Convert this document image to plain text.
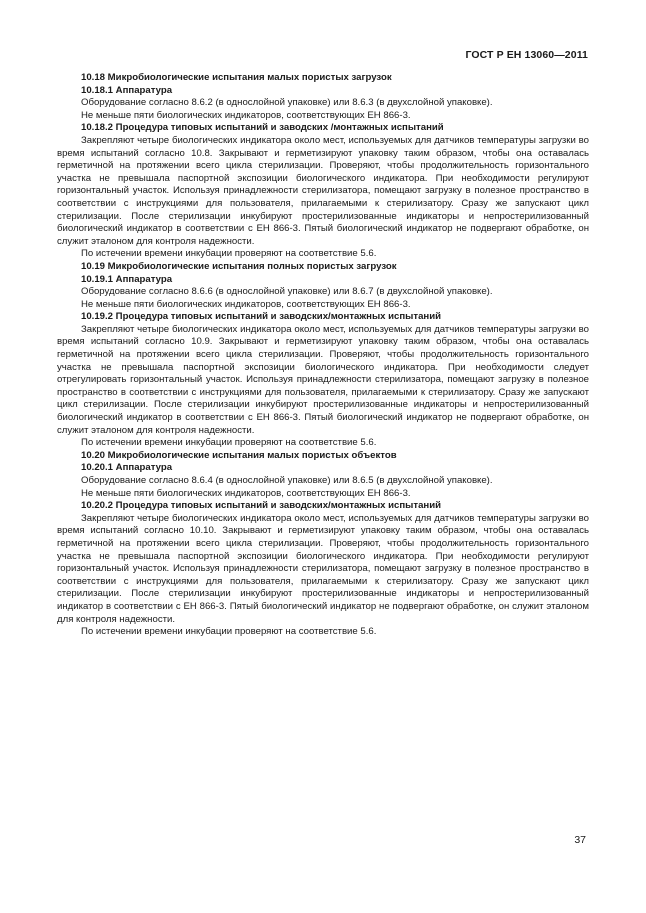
ГОСТ Р ЕН 13060—2011

10.18 Микробиологические испытания малых пористых загрузок

10.18.1 Аппаратура

Оборудование согласно 8.6.2 (в однослойной упаковке) или 8.6.3 (в двухслойной упаковке).

Не меньше пяти биологических индикаторов, соответствующих ЕН 866-3.

10.18.2 Процедура типовых испытаний и заводских /монтажных испытаний

Закрепляют четыре биологических индикатора около мест, используемых для датчиков температуры загрузки во время испытаний согласно 10.8. Закрывают и герметизируют упаковку таким образом, чтобы она оставалась герметичной на протяжении всего цикла стерилизации. Проверяют, чтобы продолжительность горизонтального участка не превышала паспортной экспозиции биологического индикатора. При необходимости регулируют горизонтальный участок. Используя принадлежности стерилизатора, помещают загрузку в полезное пространство в соответствии с инструкциями для пользователя, прилагаемыми к стерилизатору. Сразу же запускают цикл стерилизации. После стерилизации инкубируют простерилизованные индикаторы и непростерилизованный биологический индикатор в соответствии с ЕН 866-3. Пятый биологический индикатор не подвергают обработке, он служит эталоном для контроля надежности.

По истечении времени инкубации проверяют на соответствие 5.6.

10.19 Микробиологические испытания полных пористых загрузок

10.19.1 Аппаратура

Оборудование согласно 8.6.6 (в однослойной упаковке) или 8.6.7 (в двухслойной упаковке).

Не меньше пяти биологических индикаторов, соответствующих ЕН 866-3.

10.19.2 Процедура типовых испытаний и заводских/монтажных испытаний

Закрепляют четыре биологических индикатора около мест, используемых для датчиков температуры загрузки во время испытаний согласно 10.9. Закрывают и герметизируют упаковку таким образом, чтобы она оставалась герметичной на протяжении всего цикла стерилизации. Проверяют, чтобы продолжительность горизонтального участка не превышала паспортной экспозиции биологического индикатора. При необходимости следует отрегулировать горизонтальный участок. Используя принадлежности стерилизатора, помещают загрузку в полезное пространство в соответствии с инструкциями для пользователя, прилагаемыми к стерилизатору. Сразу же запускают цикл стерилизации. После стерилизации инкубируют простерилизованные индикаторы и непростерилизованный биологический индикатор в соответствии с ЕН 866-3. Пятый биологический индикатор не подвергают обработке, он служит эталоном для контроля надежности.

По истечении времени инкубации проверяют на соответствие 5.6.

10.20 Микробиологические испытания малых пористых объектов

10.20.1 Аппаратура

Оборудование согласно 8.6.4 (в однослойной упаковке) или 8.6.5 (в двухслойной упаковке).

Не меньше пяти биологических индикаторов, соответствующих ЕН 866-3.

10.20.2 Процедура типовых испытаний и заводских/монтажных испытаний

Закрепляют четыре биологических индикатора около мест, используемых для датчиков температуры загрузки во время испытаний согласно 10.10. Закрывают и герметизируют упаковку таким образом, чтобы она оставалась герметичной на протяжении всего цикла стерилизации. Проверяют, чтобы продолжительность горизонтального участка не превышала паспортной экспозиции биологического индикатора. При необходимости регулируют горизонтальный участок. Используя принадлежности стерилизатора, помещают загрузку в полезное пространство в соответствии с инструкциями для пользователя, прилагаемыми к стерилизатору. Сразу же запускают цикл стерилизации. После стерилизации инкубируют простерилизованные индикаторы и непростерилизованный индикатор в соответствии с ЕН 866-3. Пятый биологический индикатор не подвергают обработке, он служит эталоном для контроля надежности.

По истечении времени инкубации проверяют на соответствие 5.6.

37
